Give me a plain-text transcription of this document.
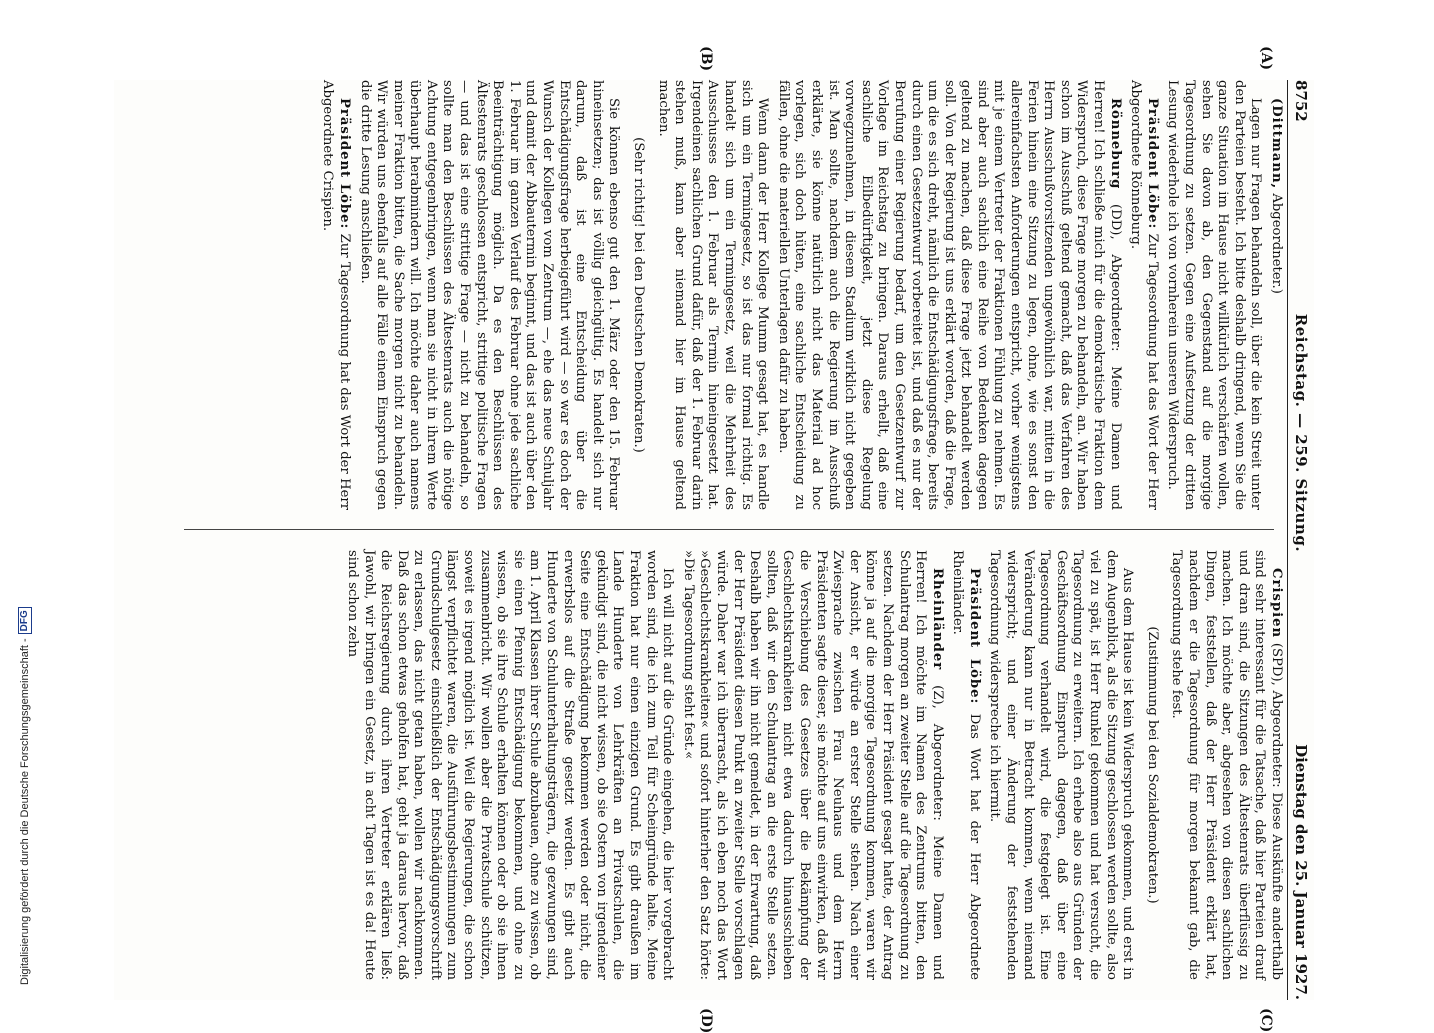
8752
Reichstag. — 259. Sitzung.
Dienstag den 25. Januar 1927.
(A)
(B)
(C)
(D)

(Dittmann, Abgeordneter.)

Lagen nur Fragen behandeln soll, über die kein Streit unter den Parteien besteht. Ich bitte deshalb dringend, wenn Sie die ganze Situation im Hause nicht willkürlich verschärfen wollen, sehen Sie davon ab, den Gegenstand auf die morgige Tagesordnung zu setzen. Gegen eine Aufsetzung der dritten Lesung wiederhole ich von vornherein unseren Widerspruch.

Präsident Löbe: Zur Tagesordnung hat das Wort der Herr Abgeordnete Rönneburg.

Rönneburg (DD), Abgeordneter: Meine Damen und Herren! Ich schließe mich für die demokratische Fraktion dem Widerspruch, diese Frage morgen zu behandeln, an. Wir haben schon im Ausschuß geltend gemacht, daß das Verfahren des Herrn Ausschußvorsitzenden ungewöhnlich war, mitten in die Ferien hinein eine Sitzung zu legen, ohne, wie es sonst den allereinfachsten Anforderungen entspricht, vorher wenigstens mit je einem Vertreter der Fraktionen Fühlung zu nehmen. Es sind aber auch sachlich eine Reihe von Bedenken dagegen geltend zu machen, daß diese Frage jetzt behandelt werden soll. Von der Regierung ist uns erklärt worden, daß die Frage, um die es sich dreht, nämlich die Entschädigungsfrage, bereits durch einen Gesetzentwurf vorbereitet ist, und daß es nur der Berufung einer Regierung bedarf, um den Gesetzentwurf zur Vorlage im Reichstag zu bringen. Daraus erhellt, daß eine sachliche Eilbedürftigkeit, jetzt diese Regelung vorwegzunehmen, in diesem Stadium wirklich nicht gegeben ist. Man sollte, nachdem auch die Regierung im Ausschuß erklärte, sie könne natürlich nicht das Material ad hoc vorlegen, sich doch hüten, eine sachliche Entscheidung zu fällen, ohne die materiellen Unterlagen dafür zu haben.

Wenn dann der Herr Kollege Mumm gesagt hat, es handle sich um ein Termingesetz, so ist das nur formal richtig. Es handelt sich um ein Termingesetz, weil die Mehrheit des Ausschusses den 1. Februar als Termin hineingesetzt hat. Irgendeinen sachlichen Grund dafür, daß der 1. Februar darin stehen muß, kann aber niemand hier im Hause geltend machen.

(Sehr richtig! bei den Deutschen Demokraten.)

Sie können ebenso gut den 1. März oder den 15. Februar hineinsetzen; das ist völlig gleichgültig. Es handelt sich nur darum, daß ist eine Entscheidung über die Entschädigungsfrage herbeigeführt wird — so war es doch der Wunsch der Kollegen vom Zentrum —, ehe das neue Schuljahr und damit der Abbautermin beginnt, und das ist auch über den 1. Februar im ganzen Verlauf des Februar ohne jede sachliche Beeinträchtigung möglich. Da es den Beschlüssen des Ältestenrats geschlossen entspricht, strittige politische Fragen — und das ist eine strittige Frage — nicht zu behandeln, so sollte man den Beschlüssen des Ältestenrats auch die nötige Achtung entgegenbringen, wenn man sie nicht in ihrem Werte überhaupt herabmindern will. Ich möchte daher auch namens meiner Fraktion bitten, die Sache morgen nicht zu behandeln. Wir würden uns ebenfalls auf alle Fälle einem Einspruch gegen die dritte Lesung anschließen.

Präsident Löbe: Zur Tagesordnung hat das Wort der Herr Abgeordnete Crispien.

Crispien (SPD), Abgeordneter: Diese Auskünfte anderthalb sind sehr interessant für die Tatsache, daß hier Parteien drauf und dran sind, die Sitzungen des Ältestenrats überflüssig zu machen. Ich möchte aber, abgesehen von diesen sachlichen Dingen, feststellen, daß der Herr Präsident erklärt hat, nachdem er die Tagesordnung für morgen bekannt gab, die Tagesordnung stehe fest.

(Zustimmung bei den Sozialdemokraten.)

Aus dem Hause ist kein Widerspruch gekommen, und erst in dem Augenblick, als die Sitzung geschlossen werden sollte, also viel zu spät, ist Herr Runkel gekommen und hat versucht, die Tagesordnung zu erweitern. Ich erhebe also aus Gründen der Geschäftsordnung Einspruch dagegen, daß über eine Tagesordnung verhandelt wird, die festgelegt ist. Eine Veränderung kann nur in Betracht kommen, wenn niemand widerspricht; und einer Änderung der feststehenden Tagesordnung widerspreche ich hiermit.

Präsident Löbe: Das Wort hat der Herr Abgeordnete Rheinländer.

Rheinländer (Z), Abgeordneter: Meine Damen und Herren! Ich möchte im Namen des Zentrums bitten, den Schulantrag morgen an zweiter Stelle auf die Tagesordnung zu setzen. Nachdem der Herr Präsident gesagt hatte, der Antrag könne ja auf die morgige Tagesordnung kommen, waren wir der Ansicht, er würde an erster Stelle stehen. Nach einer Zwiesprache zwischen Frau Neuhaus und dem Herrn Präsidenten sagte dieser, sie möchte auf uns einwirken, daß wir die Verschiebung des Gesetzes über die Bekämpfung der Geschlechtskrankheiten nicht etwa dadurch hinausschieben sollten, daß wir den Schulantrag an die erste Stelle setzen. Deshalb haben wir ihn nicht gemeldet, in der Erwartung, daß der Herr Präsident diesen Punkt an zweiter Stelle vorschlagen würde. Daher war ich überrascht, als ich eben noch das Wort »Geschlechtskrankheiten« und sofort hinterher den Satz hörte: »Die Tagesordnung steht fest.«

Ich will nicht auf die Gründe eingehen, die hier vorgebracht worden sind, die ich zum Teil für Scheingründe halte. Meine Fraktion hat nur einen einzigen Grund. Es gibt draußen im Lande Hunderte von Lehrkräften an Privatschulen, die gekündigt sind, die nicht wissen, ob sie Ostern von irgendeiner Seite eine Entschädigung bekommen werden oder nicht, die erwerbslos auf die Straße gesetzt werden. Es gibt auch Hunderte von Schulunterhaltungsträgern, die gezwungen sind, am 1. April Klassen ihrer Schule abzubauen, ohne zu wissen, ob sie einen Pfennig Entschädigung bekommen, und ohne zu wissen, ob sie ihre Schule erhalten können oder ob sie ihnen zusammenbricht. Wir wollen aber die Privatschule schützen, soweit es irgend möglich ist. Weil die Regierungen, die schon längst verpflichtet waren, die Ausführungsbestimmungen zum Grundschulgesetz einschließlich der Entschädigungsvorschrift zu erlassen, das nicht getan haben, wollen wir nachkommen. Daß das schon etwas geholfen hat, geht ja daraus hervor, daß die Reichsregierung durch ihren Vertreter erklären ließ: Jawohl, wir bringen ein Gesetz, in acht Tagen ist es da! Heute sind schon zehn

Digitalisierung gefördert durch die Deutsche Forschungsgemeinschaft -
DFG
